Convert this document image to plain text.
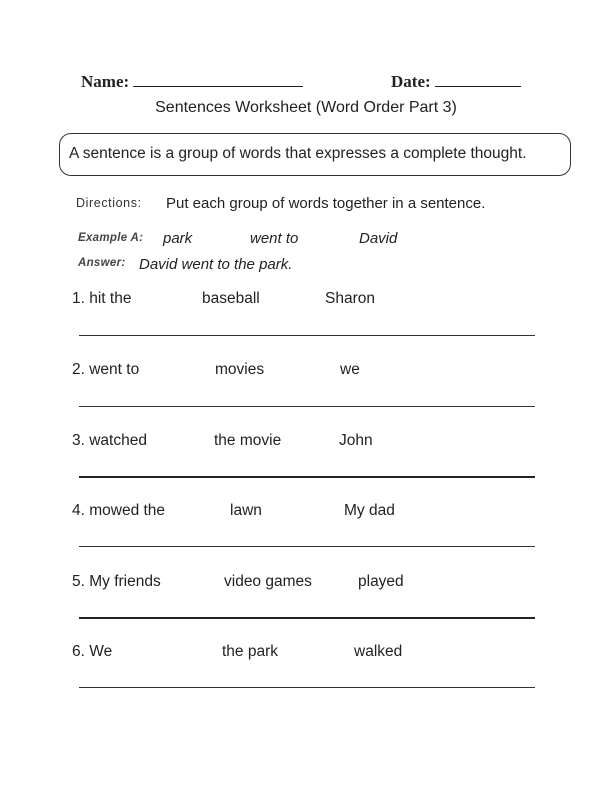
Name:	Date:
Sentences Worksheet (Word Order Part 3)
A sentence is a group of words that expresses a complete thought.
Directions: Put each group of words together in a sentence.
Example A: park	went to	David
Answer: David went to the park.
1. hit the	baseball	Sharon
2. went to	movies	we
3. watched	the movie	John
4. mowed the	lawn	My dad
5. My friends	video games	played
6. We	the park	walked
